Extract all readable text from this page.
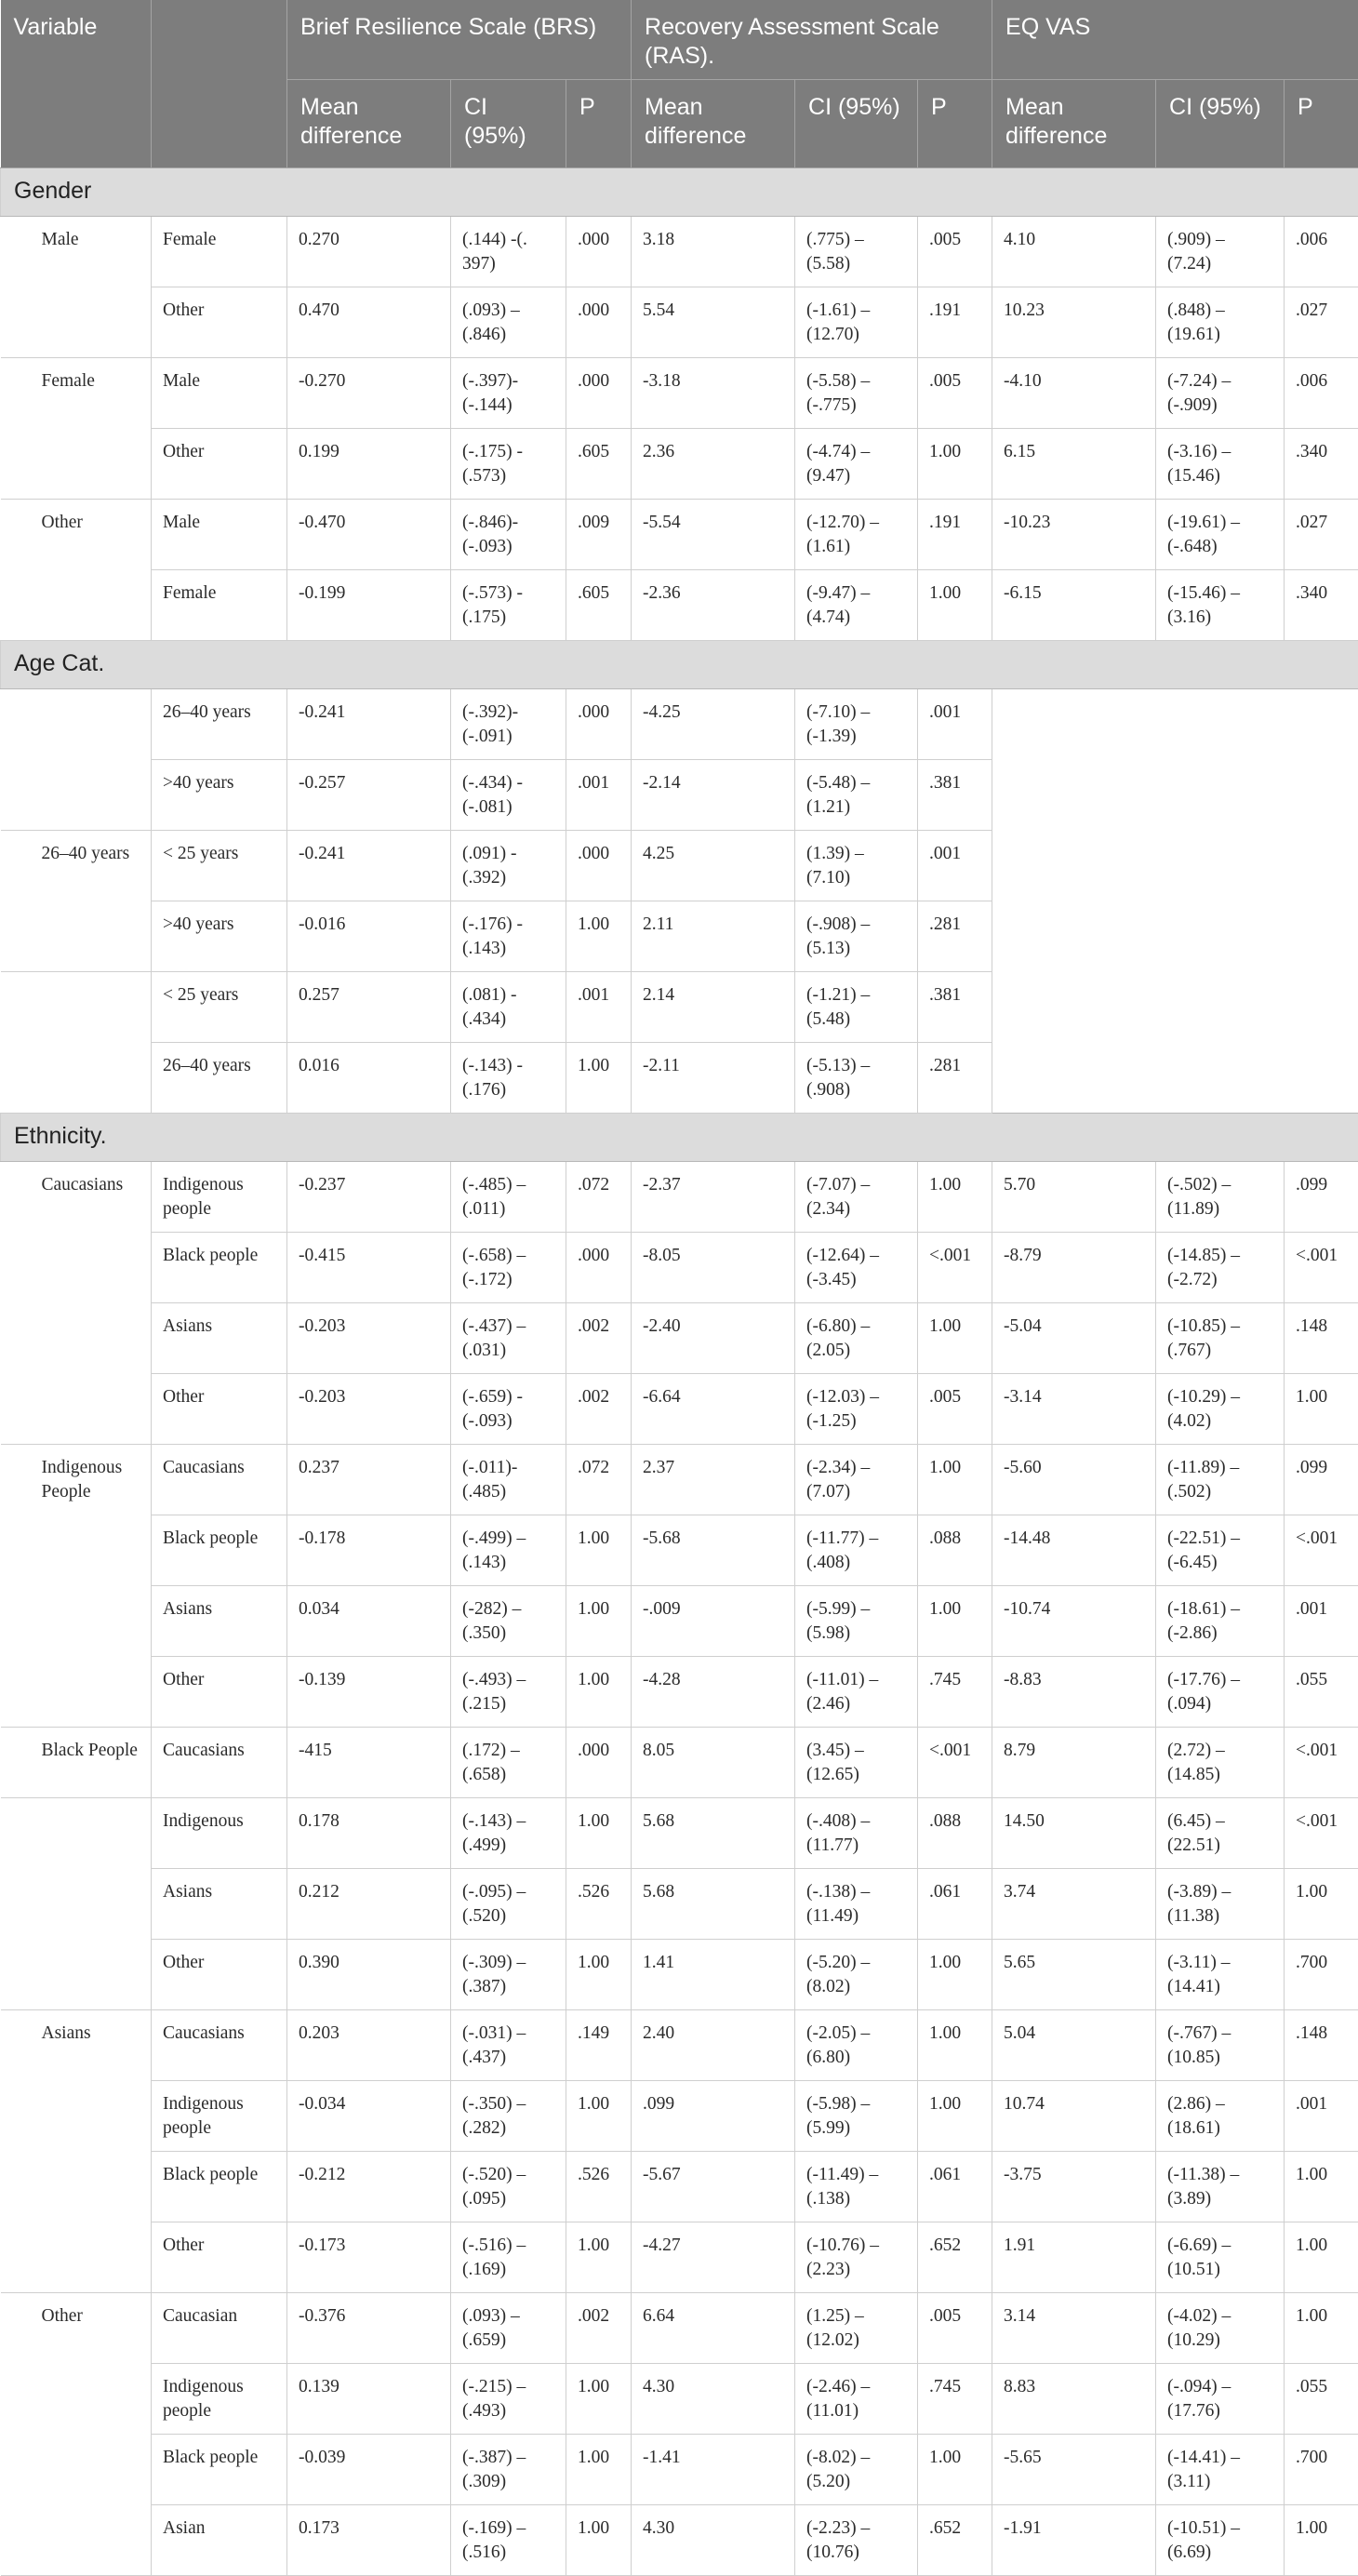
Variable		Brief Resilience Scale (BRS)			Recovery Assessment Scale (RAS).			EQ VAS		
		Mean difference	CI (95%)	P	Mean difference	CI (95%)	P	Mean difference	CI (95%)	P
Gender										
Male	Female	0.270	(.144) -(. 397)	.000	3.18	(.775) – (5.58)	.005	4.10	(.909) – (7.24)	.006
	Other	0.470	(.093) – (.846)	.000	5.54	(-1.61) – (12.70)	.191	10.23	(.848) – (19.61)	.027
Female	Male	-0.270	(-.397)- (-.144)	.000	-3.18	(-5.58) – (-.775)	.005	-4.10	(-7.24) – (-.909)	.006
	Other	0.199	(-.175) -(.573)	.605	2.36	(-4.74) – (9.47)	1.00	6.15	(-3.16) – (15.46)	.340
Other	Male	-0.470	(-.846)- (-.093)	.009	-5.54	(-12.70) – (1.61)	.191	-10.23	(-19.61) – (-.648)	.027
	Female	-0.199	(-.573) -(.175)	.605	-2.36	(-9.47) – (4.74)	1.00	-6.15	(-15.46) – (3.16)	.340
Age Cat.										
	26–40 years	-0.241	(-.392)- (-.091)	.000	-4.25	(-7.10) – (-1.39)	.001			
	>40 years	-0.257	(-.434) -(-.081)	.001	-2.14	(-5.48) – (1.21)	.381			
26–40 years	< 25 years	-0.241	(.091) -(.392)	.000	4.25	(1.39) – (7.10)	.001			
	>40 years	-0.016	(-.176) -(.143)	1.00	2.11	(-.908) – (5.13)	.281			
	< 25 years	0.257	(.081) -(.434)	.001	2.14	(-1.21) – (5.48)	.381			
	26–40 years	0.016	(-.143) -(.176)	1.00	-2.11	(-5.13) – (.908)	.281			
Ethnicity.										
Caucasians	Indigenous people	-0.237	(-.485) – (.011)	.072	-2.37	(-7.07) – (2.34)	1.00	5.70	(-.502) – (11.89)	.099
	Black people	-0.415	(-.658) – (-.172)	.000	-8.05	(-12.64) – (-3.45)	<.001	-8.79	(-14.85) – (-2.72)	<.001
	Asians	-0.203	(-.437) – (.031)	.002	-2.40	(-6.80) – (2.05)	1.00	-5.04	(-10.85) – (.767)	.148
	Other	-0.203	(-.659) -(-.093)	.002	-6.64	(-12.03) – (-1.25)	.005	-3.14	(-10.29) – (4.02)	1.00
Indigenous People	Caucasians	0.237	(-.011)- (.485)	.072	2.37	(-2.34) – (7.07)	1.00	-5.60	(-11.89) – (.502)	.099
	Black people	-0.178	(-.499) – (.143)	1.00	-5.68	(-11.77) – (.408)	.088	-14.48	(-22.51) – (-6.45)	<.001
	Asians	0.034	(-282) – (.350)	1.00	-.009	(-5.99) – (5.98)	1.00	-10.74	(-18.61) – (-2.86)	.001
	Other	-0.139	(-.493) – (.215)	1.00	-4.28	(-11.01) – (2.46)	.745	-8.83	(-17.76) – (.094)	.055
Black People	Caucasians	-415	(.172) – (.658)	.000	8.05	(3.45) – (12.65)	<.001	8.79	(2.72) – (14.85)	<.001
	Indigenous	0.178	(-.143) – (.499)	1.00	5.68	(-.408) – (11.77)	.088	14.50	(6.45) – (22.51)	<.001
	Asians	0.212	(-.095) – (.520)	.526	5.68	(-.138) – (11.49)	.061	3.74	(-3.89) – (11.38)	1.00
	Other	0.390	(-.309) – (.387)	1.00	1.41	(-5.20) – (8.02)	1.00	5.65	(-3.11) – (14.41)	.700
Asians	Caucasians	0.203	(-.031) – (.437)	.149	2.40	(-2.05) – (6.80)	1.00	5.04	(-.767) – (10.85)	.148
	Indigenous people	-0.034	(-.350) – (.282)	1.00	.099	(-5.98) – (5.99)	1.00	10.74	(2.86) – (18.61)	.001
	Black people	-0.212	(-.520) – (.095)	.526	-5.67	(-11.49) – (.138)	.061	-3.75	(-11.38) – (3.89)	1.00
	Other	-0.173	(-.516) – (.169)	1.00	-4.27	(-10.76) – (2.23)	.652	1.91	(-6.69) – (10.51)	1.00
Other	Caucasian	-0.376	(.093) – (.659)	.002	6.64	(1.25) – (12.02)	.005	3.14	(-4.02) – (10.29)	1.00
	Indigenous people	0.139	(-.215) – (.493)	1.00	4.30	(-2.46) – (11.01)	.745	8.83	(-.094) – (17.76)	.055
	Black people	-0.039	(-.387) – (.309)	1.00	-1.41	(-8.02) – (5.20)	1.00	-5.65	(-14.41) – (3.11)	.700
	Asian	0.173	(-.169) – (.516)	1.00	4.30	(-2.23) – (10.76)	.652	-1.91	(-10.51) – (6.69)	1.00
